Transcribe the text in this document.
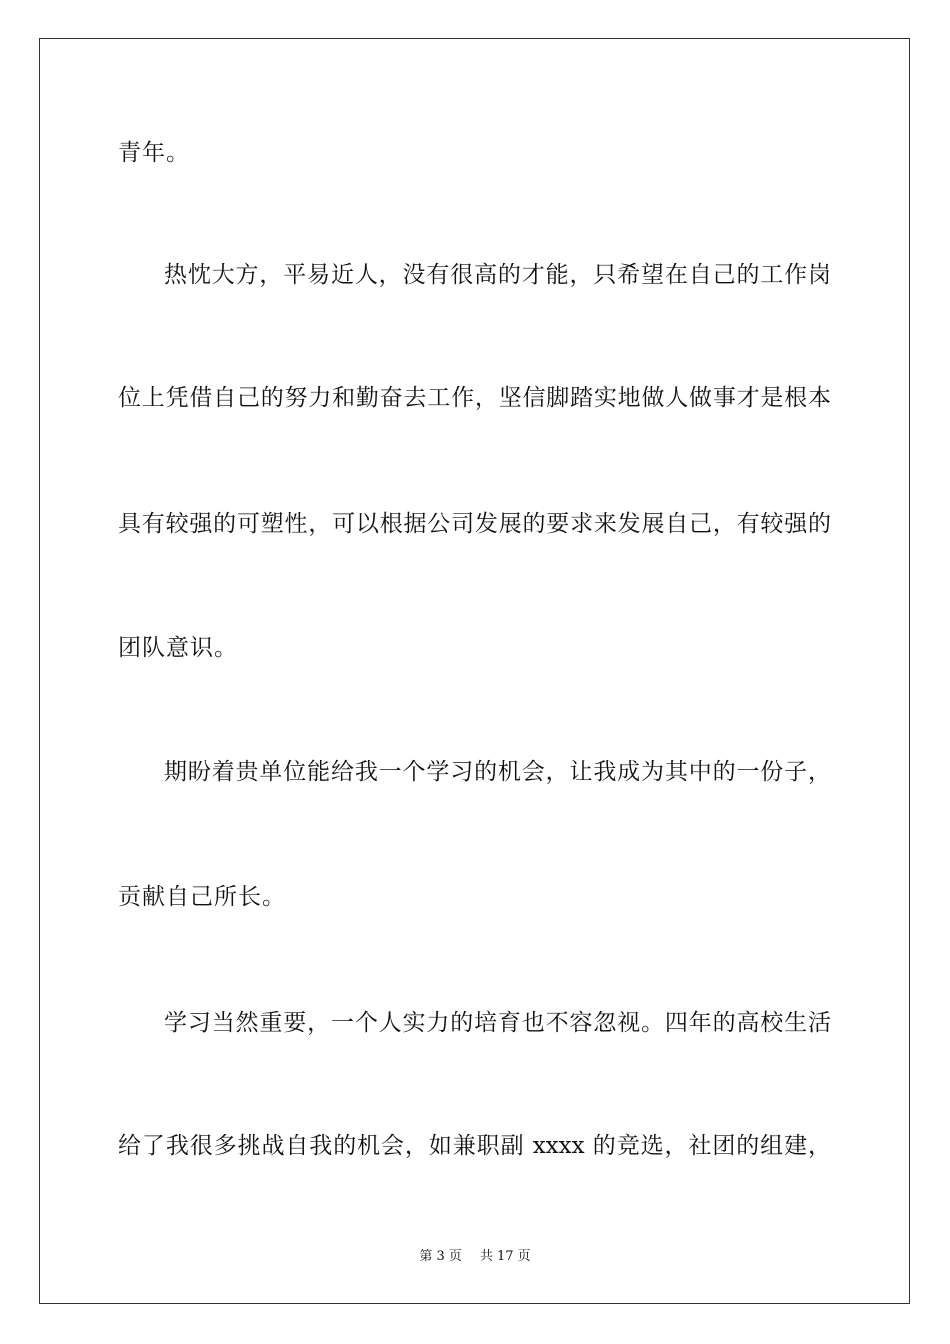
青年。
热忱大方，平易近人，没有很高的才能，只希望在自己的工作岗
位上凭借自己的努力和勤奋去工作，坚信脚踏实地做人做事才是根本
具有较强的可塑性，可以根据公司发展的要求来发展自己，有较强的
团队意识。
期盼着贵单位能给我一个学习的机会，让我成为其中的一份子，
贡献自己所长。
学习当然重要，一个人实力的培育也不容忽视。四年的高校生活
给了我很多挑战自我的机会，如兼职副 xxxx 的竞选，社团的组建，
第 3 页 共 17 页
